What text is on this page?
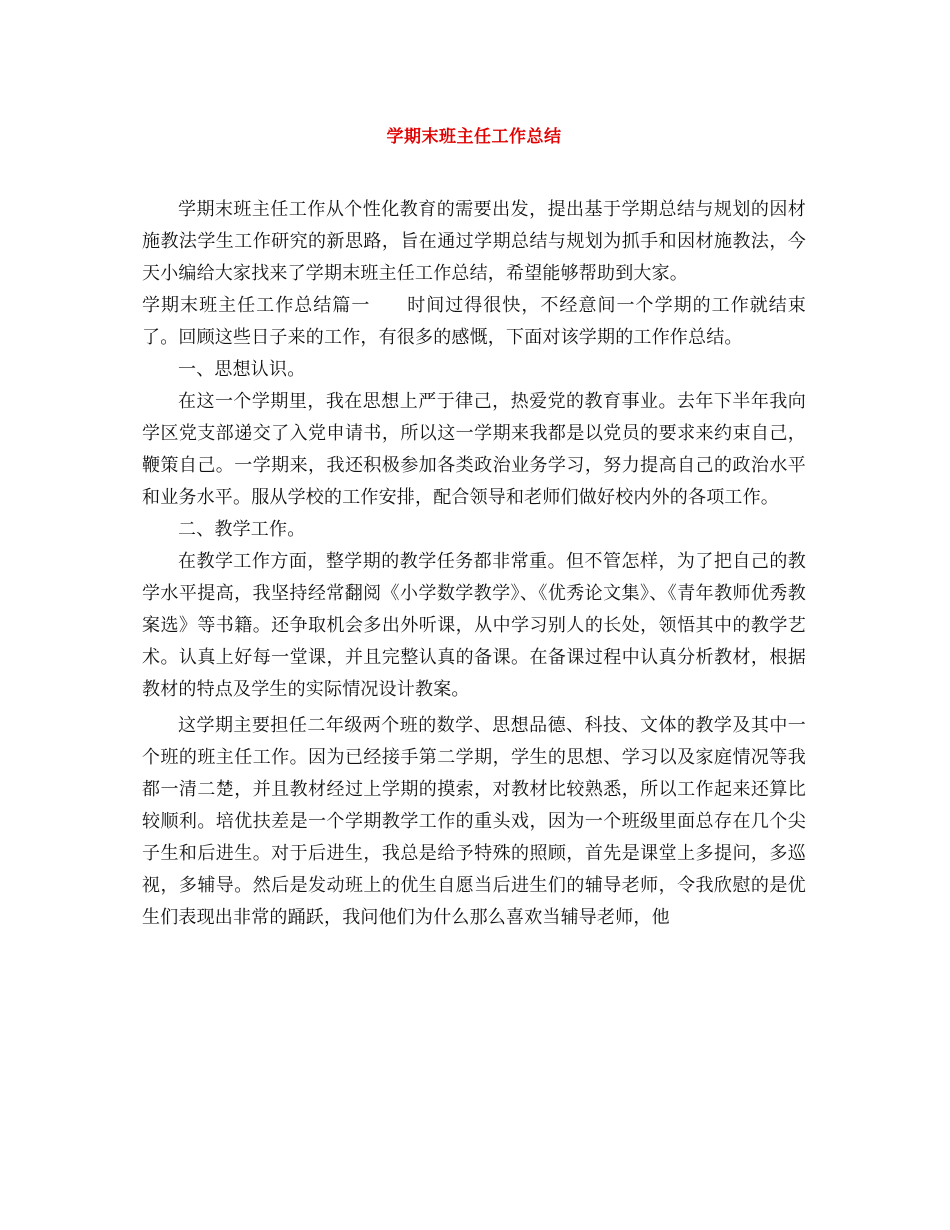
学期末班主任工作总结

学期末班主任工作从个性化教育的需要出发，提出基于学期总结与规划的因材施教法学生工作研究的新思路，旨在通过学期总结与规划为抓手和因材施教法，今天小编给大家找来了学期末班主任工作总结，希望能够帮助到大家。

学期末班主任工作总结篇一 时间过得很快，不经意间一个学期的工作就结束了。回顾这些日子来的工作，有很多的感慨，下面对该学期的工作作总结。

一、思想认识。

在这一个学期里，我在思想上严于律己，热爱党的教育事业。去年下半年我向学区党支部递交了入党申请书，所以这一学期来我都是以党员的要求来约束自己，鞭策自己。一学期来，我还积极参加各类政治业务学习，努力提高自己的政治水平和业务水平。服从学校的工作安排，配合领导和老师们做好校内外的各项工作。

二、教学工作。

在教学工作方面，整学期的教学任务都非常重。但不管怎样，为了把自己的教学水平提高，我坚持经常翻阅《小学数学教学》、《优秀论文集》、《青年教师优秀教案选》等书籍。还争取机会多出外听课，从中学习别人的长处，领悟其中的教学艺术。认真上好每一堂课，并且完整认真的备课。在备课过程中认真分析教材，根据教材的特点及学生的实际情况设计教案。

这学期主要担任二年级两个班的数学、思想品德、科技、文体的教学及其中一个班的班主任工作。因为已经接手第二学期，学生的思想、学习以及家庭情况等我都一清二楚，并且教材经过上学期的摸索，对教材比较熟悉，所以工作起来还算比较顺利。培优扶差是一个学期教学工作的重头戏，因为一个班级里面总存在几个尖子生和后进生。对于后进生，我总是给予特殊的照顾，首先是课堂上多提问，多巡视，多辅导。然后是发动班上的优生自愿当后进生们的辅导老师，令我欣慰的是优生们表现出非常的踊跃，我问他们为什么那么喜欢当辅导老师，他
